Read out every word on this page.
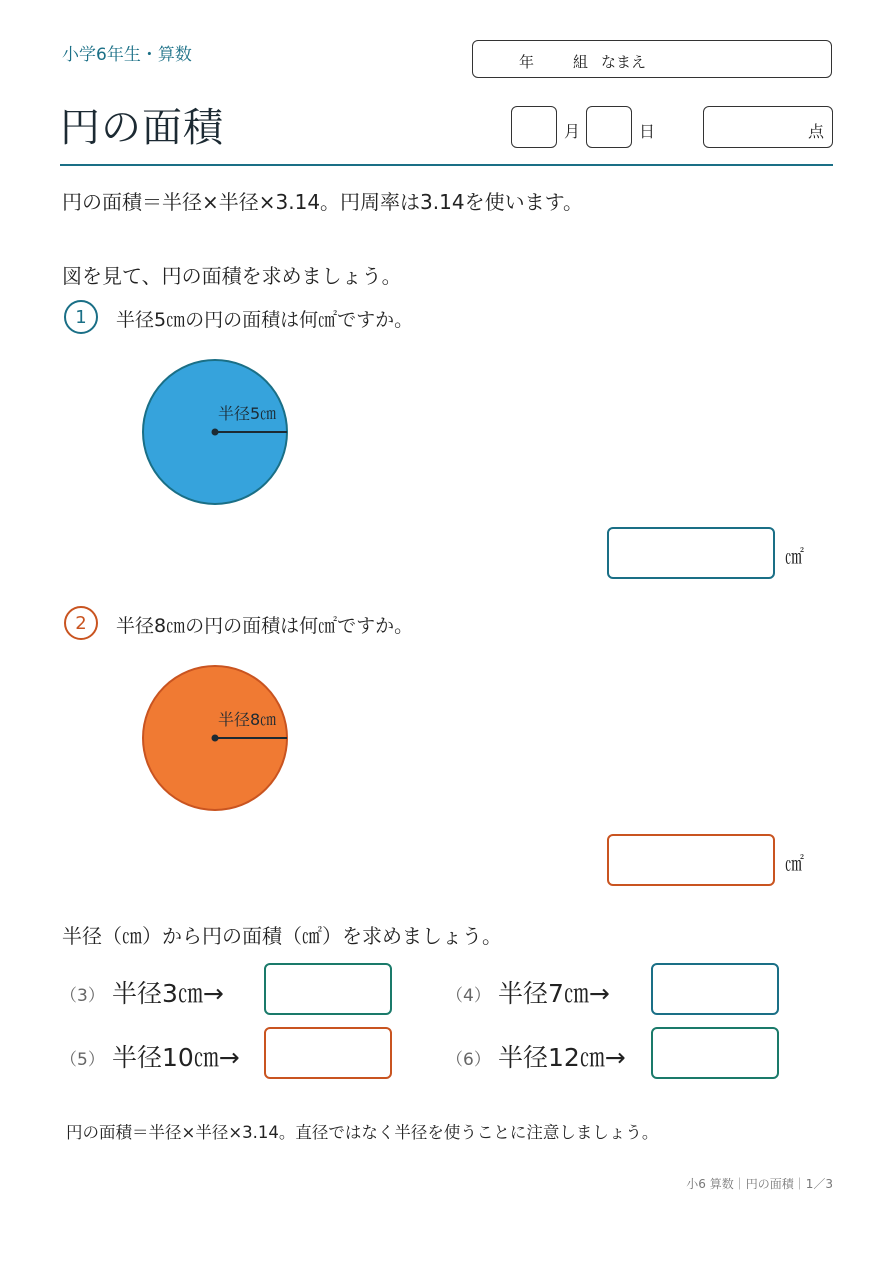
小学6年生・算数	年	組 なまえ
円の面積	月	日	点
円の面積＝半径×半径×3.14。円周率は3.14を使います。
図を見て、円の面積を求めましょう。
1	半径5㎝の円の面積は何㎠ですか。
半径5㎝
㎠
2	半径8㎝の円の面積は何㎠ですか。
半径8㎝
㎠
半径（㎝）から円の面積（㎠）を求めましょう。
（3） 半径3㎝→	（4） 半径7㎝→
（5） 半径10㎝→	（6） 半径12㎝→
円の面積＝半径×半径×3.14。直径ではなく半径を使うことに注意しましょう。
小6 算数｜円の面積｜1／3
